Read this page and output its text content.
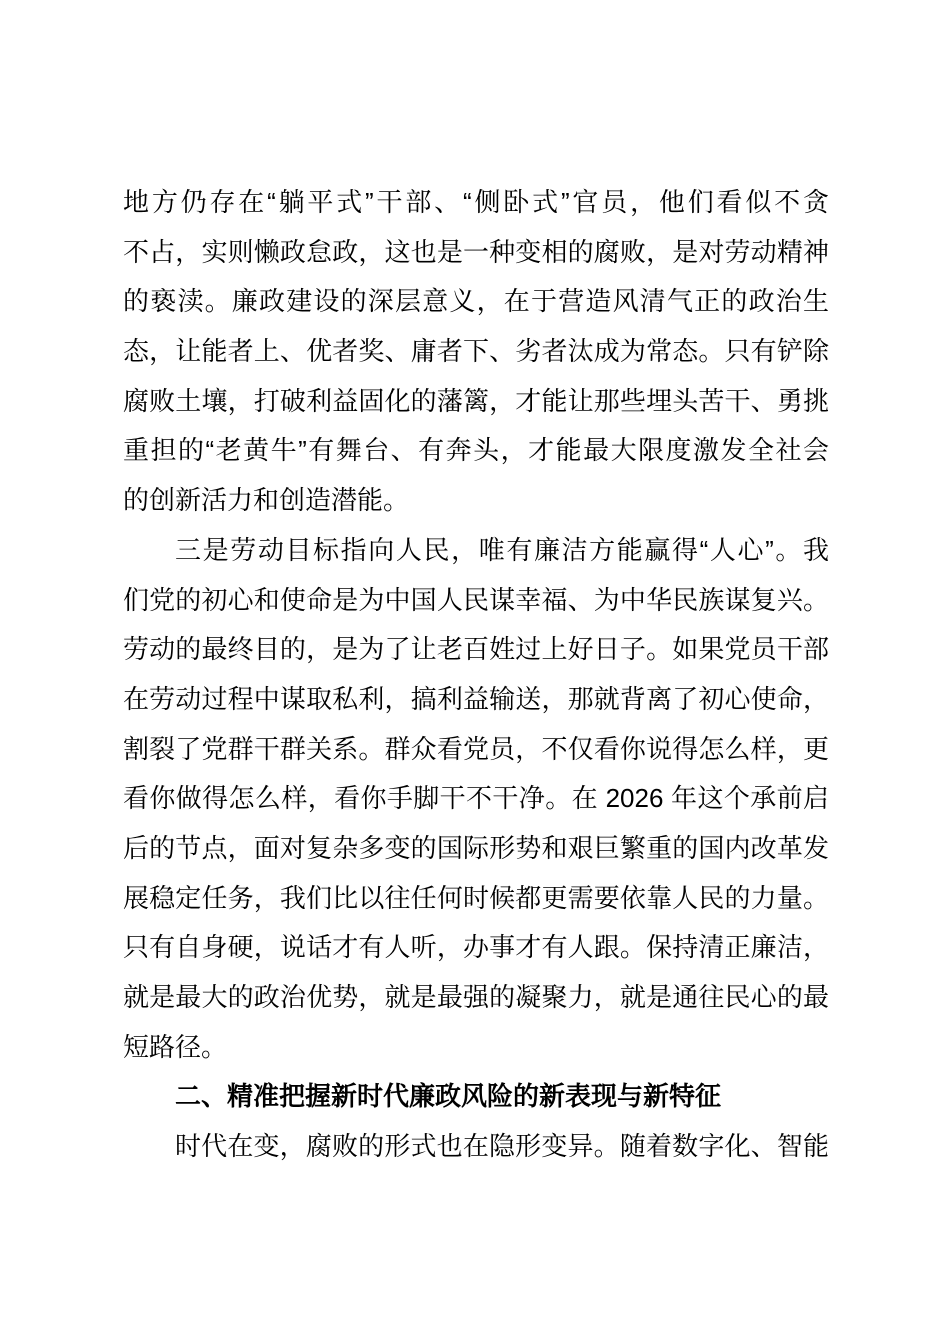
地方仍存在“躺平式”干部、“侧卧式”官员，他们看似不贪
不占，实则懒政怠政，这也是一种变相的腐败，是对劳动精神
的亵渎。廉政建设的深层意义，在于营造风清气正的政治生
态，让能者上、优者奖、庸者下、劣者汰成为常态。只有铲除
腐败土壤，打破利益固化的藩篱，才能让那些埋头苦干、勇挑
重担的“老黄牛”有舞台、有奔头，才能最大限度激发全社会
的创新活力和创造潜能。
三是劳动目标指向人民，唯有廉洁方能赢得“人心”。我
们党的初心和使命是为中国人民谋幸福、为中华民族谋复兴。
劳动的最终目的，是为了让老百姓过上好日子。如果党员干部
在劳动过程中谋取私利，搞利益输送，那就背离了初心使命，
割裂了党群干群关系。群众看党员，不仅看你说得怎么样，更
看你做得怎么样，看你手脚干不干净。在 2026 年这个承前启
后的节点，面对复杂多变的国际形势和艰巨繁重的国内改革发
展稳定任务，我们比以往任何时候都更需要依靠人民的力量。
只有自身硬，说话才有人听，办事才有人跟。保持清正廉洁，
就是最大的政治优势，就是最强的凝聚力，就是通往民心的最
短路径。
二、精准把握新时代廉政风险的新表现与新特征
时代在变，腐败的形式也在隐形变异。随着数字化、智能
